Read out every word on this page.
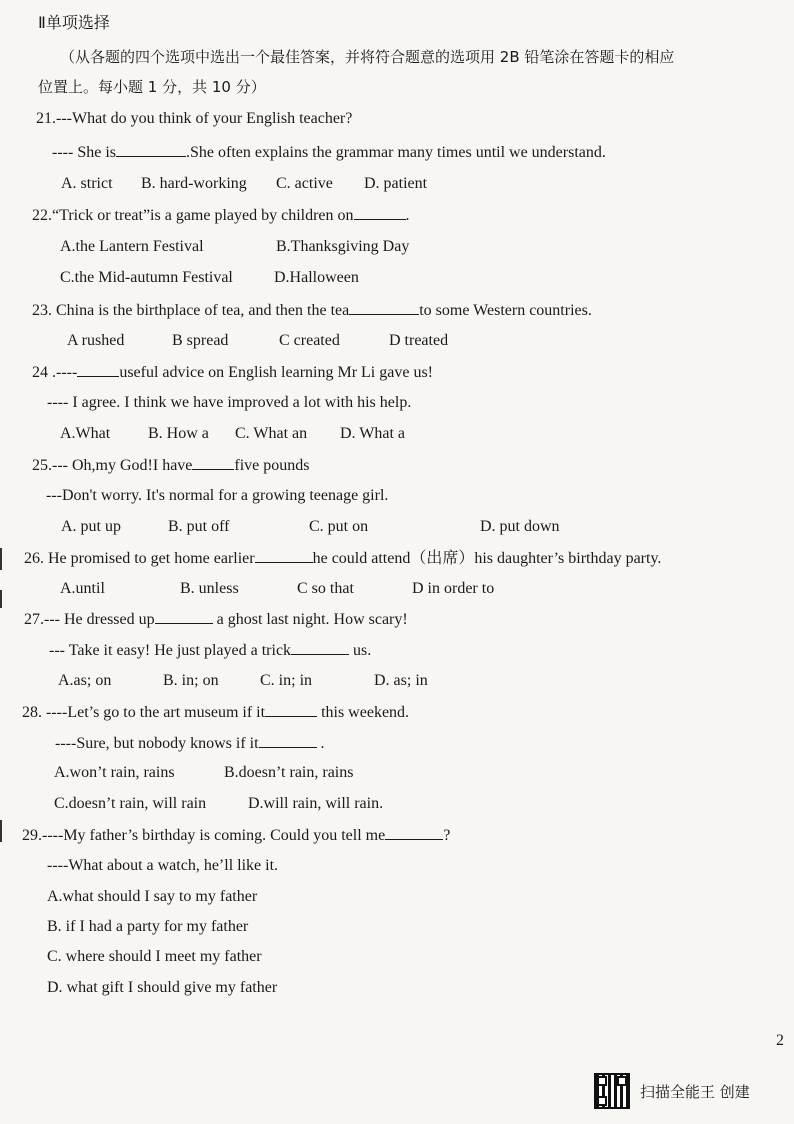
Ⅱ单项选择
（从各题的四个选项中选出一个最佳答案，并将符合题意的选项用 2B 铅笔涂在答题卡的相应
位置上。每小题 1 分，共 10 分）
21.---What do you think of your English teacher?
---- She is	.She often explains the grammar many times until we understand.
A. strict B. hard-working C. active D. patient
22.“Trick or treat”is a game played by children on	.
A.the Lantern Festival	B.Thanksgiving Day
C.the Mid-autumn Festival	D.Halloween
23. China is the birthplace of tea, and then the tea	to some Western countries.
A rushed	B spread	C created	D treated
24 .----	useful advice on English learning Mr Li gave us!
---- I agree. I think we have improved a lot with his help.
A.What B. How a C. What an D. What a
25.--- Oh,my God!I have	five pounds
---Don't worry. It's normal for a growing teenage girl.
A. put up	B. put off	C. put on	D. put down
26. He promised to get home earlier	he could attend（出席）his daughter’s birthday party.
A.until	B. unless	C so that	D in order to
27.--- He dressed up	a ghost last night. How scary!
--- Take it easy! He just played a trick	us.
A.as; on	B. in; on	C. in; in	D. as; in
28. ----Let’s go to the art museum if it	this weekend.
----Sure, but nobody knows if it	.
A.won’t rain, rains	B.doesn’t rain, rains
C.doesn’t rain, will rain	D.will rain, will rain.
29.----My father’s birthday is coming. Could you tell me	?
----What about a watch, he’ll like it.
A.what should I say to my father
B. if I had a party for my father
C. where should I meet my father
D. what gift I should give my father
2
扫描全能王 创建
